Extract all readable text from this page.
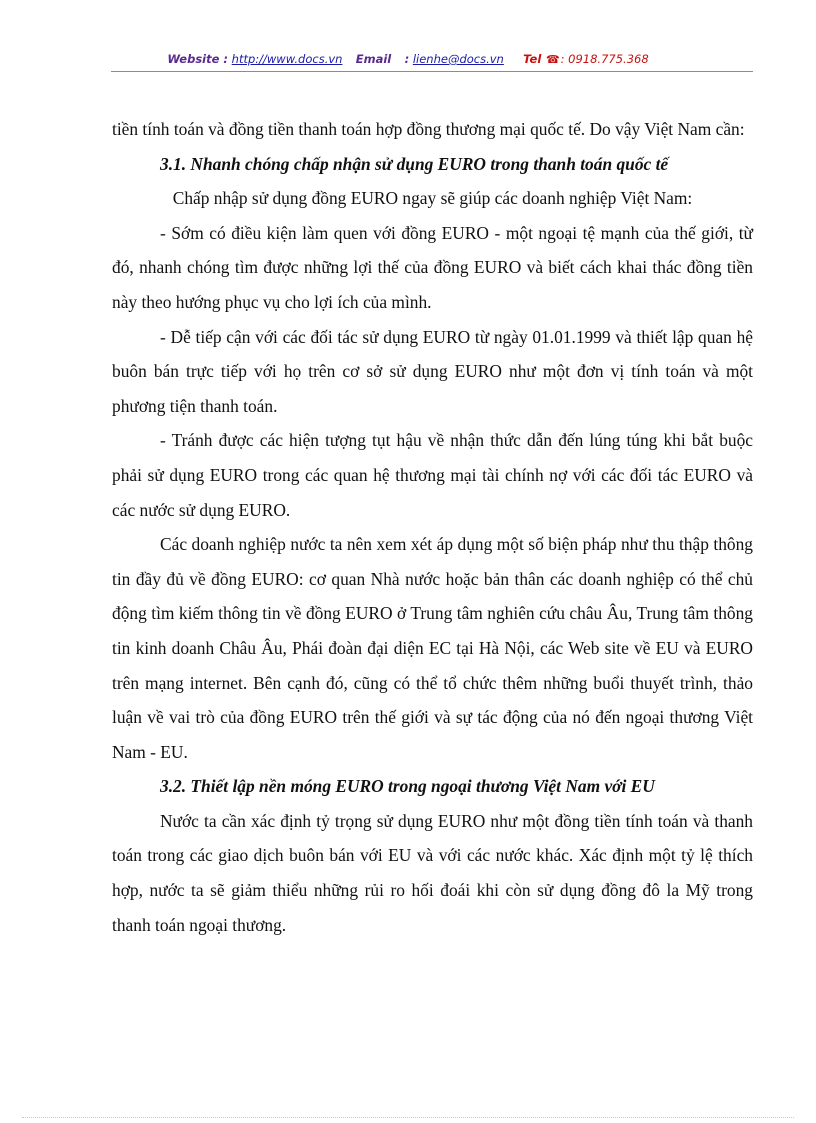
Website : http://www.docs.vn Email : lienhe@docs.vn Tel ☎: 0918.775.368

tiền tính toán và đồng tiền thanh toán hợp đồng thương mại quốc tế. Do vậy Việt Nam cần:

3.1. Nhanh chóng chấp nhận sử dụng EURO trong thanh toán quốc tế

Chấp nhập sử dụng đồng EURO ngay sẽ giúp các doanh nghiệp Việt Nam:

- Sớm có điều kiện làm quen với đồng EURO - một ngoại tệ mạnh của thế giới, từ đó, nhanh chóng tìm được những lợi thế của đồng EURO và biết cách khai thác đồng tiền này theo hướng phục vụ cho lợi ích của mình.

- Dễ tiếp cận với các đối tác sử dụng EURO từ ngày 01.01.1999 và thiết lập quan hệ buôn bán trực tiếp với họ trên cơ sở sử dụng EURO như một đơn vị tính toán và một phương tiện thanh toán.

- Tránh được các hiện tượng tụt hậu về nhận thức dẫn đến lúng túng khi bắt buộc phải sử dụng EURO trong các quan hệ thương mại tài chính nợ với các đối tác EURO và các nước sử dụng EURO.

Các doanh nghiệp nước ta nên xem xét áp dụng một số biện pháp như thu thập thông tin đầy đủ về đồng EURO: cơ quan Nhà nước hoặc bản thân các doanh nghiệp có thể chủ động tìm kiếm thông tin về đồng EURO ở Trung tâm nghiên cứu châu Âu, Trung tâm thông tin kinh doanh Châu Âu, Phái đoàn đại diện EC tại Hà Nội, các Web site về EU và EURO trên mạng internet. Bên cạnh đó, cũng có thể tổ chức thêm những buổi thuyết trình, thảo luận về vai trò của đồng EURO trên thế giới và sự tác động của nó đến ngoại thương Việt Nam - EU.

3.2. Thiết lập nền móng EURO trong ngoại thương Việt Nam với EU

Nước ta cần xác định tỷ trọng sử dụng EURO như một đồng tiền tính toán và thanh toán trong các giao dịch buôn bán với EU và với các nước khác. Xác định một tỷ lệ thích hợp, nước ta sẽ giảm thiểu những rủi ro hối đoái khi còn sử dụng đồng đô la Mỹ trong thanh toán ngoại thương.
